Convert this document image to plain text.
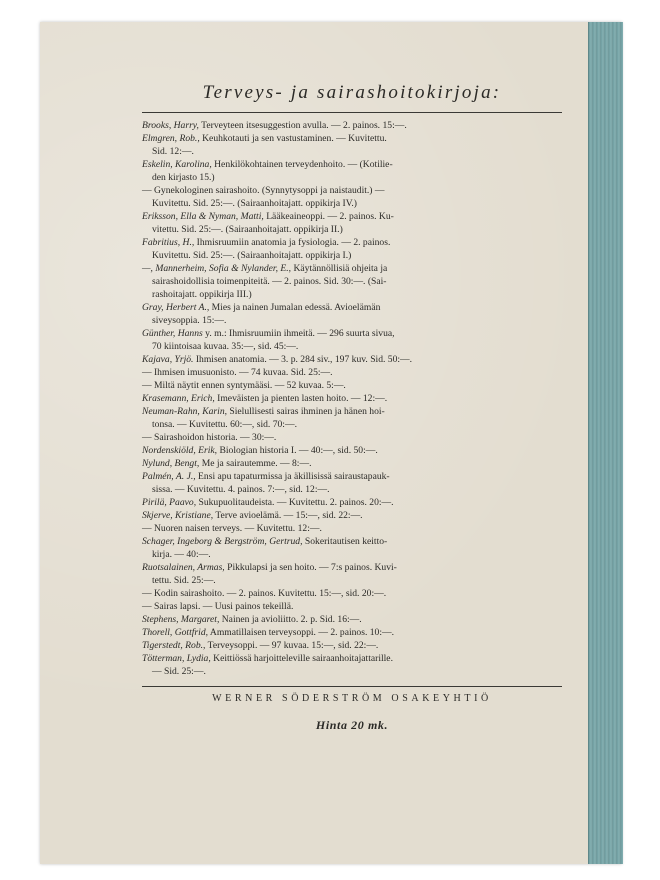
Terveys- ja sairashoitokirjoja:

Brooks, Harry, Terveyteen itsesuggestion avulla. — 2. painos. 15:—.

Elmgren, Rob., Keuhkotauti ja sen vastustaminen. — Kuvitettu.
Sid. 12:—.

Eskelin, Karolina, Henkilökohtainen terveydenhoito. — (Kotilie-
den kirjasto 15.)

— Gynekologinen sairashoito. (Synnytysoppi ja naistaudit.) —
Kuvitettu. Sid. 25:—. (Sairaanhoitajatt. oppikirja IV.)

Eriksson, Ella & Nyman, Matti, Lääkeaineoppi. — 2. painos. Ku-
vitettu. Sid. 25:—. (Sairaanhoitajatt. oppikirja II.)

Fabritius, H., Ihmisruumiin anatomia ja fysiologia. — 2. painos.
Kuvitettu. Sid. 25:—. (Sairaanhoitajatt. oppikirja I.)

—, Mannerheim, Sofia & Nylander, E., Käytännöllisiä ohjeita ja
sairashoidollisia toimenpiteitä. — 2. painos. Sid. 30:—. (Sai-
rashoitajatt. oppikirja III.)

Gray, Herbert A., Mies ja nainen Jumalan edessä. Avioelämän
siveysoppia. 15:—.

Günther, Hanns y. m.: Ihmisruumiin ihmeitä. — 296 suurta sivua,
70 kiintoisaa kuvaa. 35:—, sid. 45:—.

Kajava, Yrjö. Ihmisen anatomia. — 3. p. 284 siv., 197 kuv. Sid. 50:—.

— Ihmisen imusuonisto. — 74 kuvaa. Sid. 25:—.

— Miltä näytit ennen syntymääsi. — 52 kuvaa. 5:—.

Krasemann, Erich, Imeväisten ja pienten lasten hoito. — 12:—.

Neuman-Rahn, Karin, Sielullisesti sairas ihminen ja hänen hoi-
tonsa. — Kuvitettu. 60:—, sid. 70:—.

— Sairashoidon historia. — 30:—.

Nordenskiöld, Erik, Biologian historia I. — 40:—, sid. 50:—.

Nylund, Bengt, Me ja sairautemme. — 8:—.

Palmén, A. J., Ensi apu tapaturmissa ja äkillisissä sairaustapauk-
sissa. — Kuvitettu. 4. painos. 7:—, sid. 12:—.

Pirilä, Paavo, Sukupuolitaudeista. — Kuvitettu. 2. painos. 20:—.

Skjerve, Kristiane, Terve avioelämä. — 15:—, sid. 22:—.

— Nuoren naisen terveys. — Kuvitettu. 12:—.

Schager, Ingeborg & Bergström, Gertrud, Sokeritautisen keitto-
kirja. — 40:—.

Ruotsalainen, Armas, Pikkulapsi ja sen hoito. — 7:s painos. Kuvi-
tettu. Sid. 25:—.

— Kodin sairashoito. — 2. painos. Kuvitettu. 15:—, sid. 20:—.

— Sairas lapsi. — Uusi painos tekeillä.

Stephens, Margaret, Nainen ja avioliitto. 2. p. Sid. 16:—.

Thorell, Gottfrid, Ammatillaisen terveysoppi. — 2. painos. 10:—.

Tigerstedt, Rob., Terveysoppi. — 97 kuvaa. 15:—, sid. 22:—.

Tötterman, Lydia, Keittiössä harjoitteleville sairaanhoitajattarille.
— Sid. 25:—.

WERNER SÖDERSTRÖM OSAKEYHTIÖ
Hinta 20 mk.
